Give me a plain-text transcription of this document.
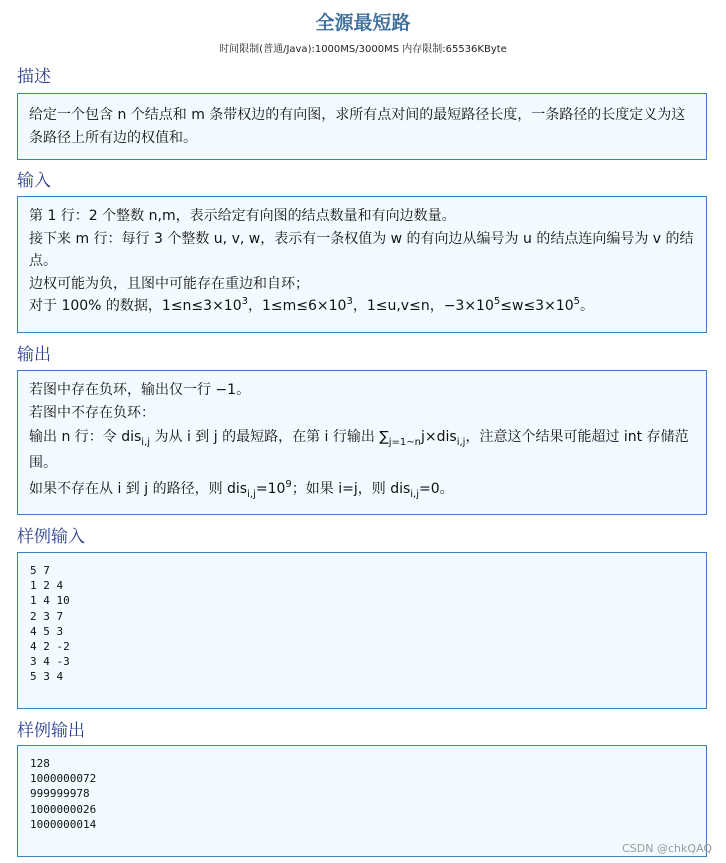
全源最短路
时间限制(普通/Java):1000MS/3000MS 内存限制:65536KByte
描述

给定一个包含 n 个结点和 m 条带权边的有向图，求所有点对间的最短路径长度，一条路径的长度定义为这条路径上所有边的权值和。

输入

第 1 行：2 个整数 n,m，表示给定有向图的结点数量和有向边数量。

接下来 m 行：每行 3 个整数 u, v, w，表示有一条权值为 w 的有向边从编号为 u 的结点连向编号为 v 的结点。

边权可能为负，且图中可能存在重边和自环；

对于 100% 的数据，$1\le n\le 3\times 10^3$，$1\le m\le 6\times 10^3$，1≤u,v≤n，$-3\times 10^5\le w\le 3\times 10^5$。

输出

若图中存在负环，输出仅一行 −1。

若图中不存在负环：

输出 n 行：令 dis$_{i,j}$ 为从 i 到 j 的最短路，在第 i 行输出 $\sum_{j=1\sim n}j\times dis_{i,j}$，注意这个结果可能超过 int 存储范围。

如果不存在从 i 到 j 的路径，则 $dis_{i,j}=10^9$；如果 i=j，则 dis$_{i,j}$=0。

样例输入
5 7
1 2 4
1 4 10
2 3 7
4 5 3
4 2 -2
3 4 -3
5 3 4
样例输出
128
1000000072
999999978
1000000026
1000000014
CSDN @chkQAQ
